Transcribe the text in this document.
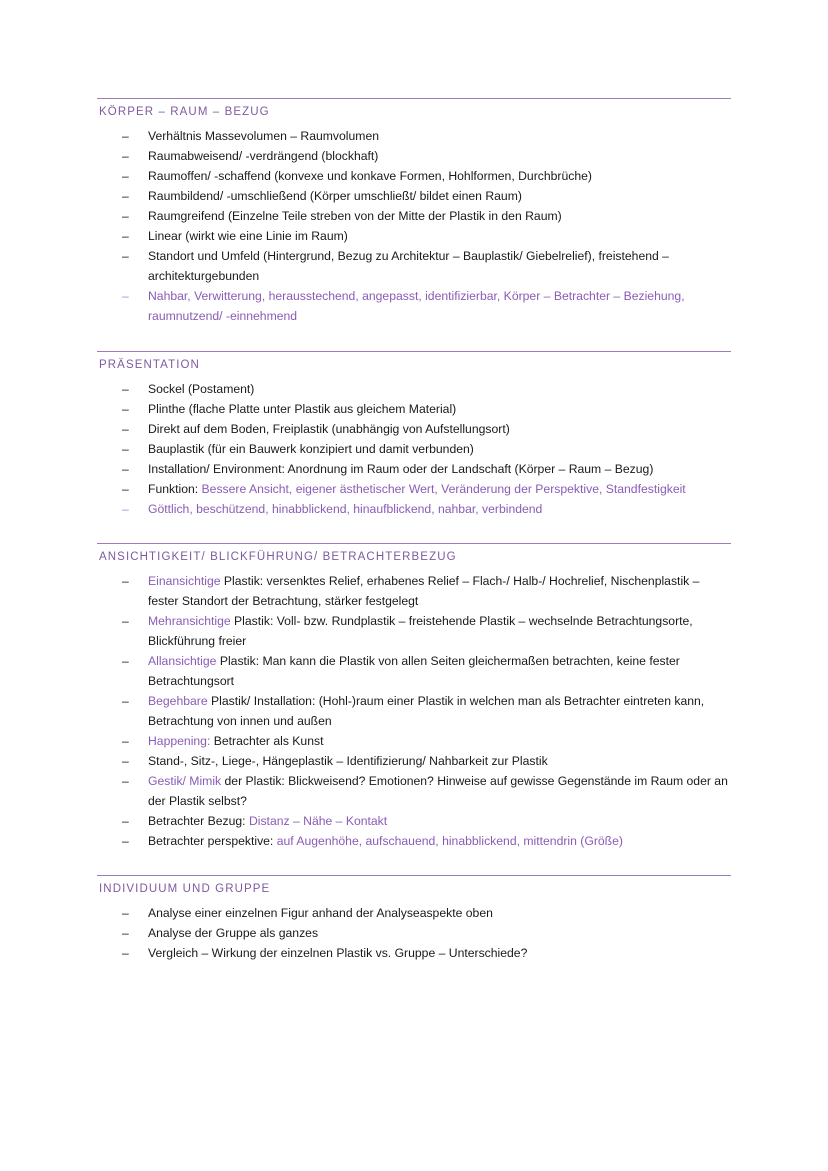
KÖRPER – RAUM – BEZUG
– Verhältnis Massevolumen – Raumvolumen
– Raumabweisend/ -verdrängend (blockhaft)
– Raumoffen/ -schaffend (konvexe und konkave Formen, Hohlformen, Durchbrüche)
– Raumbildend/ -umschließend (Körper umschließt/ bildet einen Raum)
– Raumgreifend (Einzelne Teile streben von der Mitte der Plastik in den Raum)
– Linear (wirkt wie eine Linie im Raum)
– Standort und Umfeld (Hintergrund, Bezug zu Architektur – Bauplastik/ Giebelrelief), freistehend – architekturgebunden
– Nahbar, Verwitterung, herausstechend, angepasst, identifizierbar, Körper – Betrachter – Beziehung, raumnutzend/ -einnehmend
PRÄSENTATION
– Sockel (Postament)
– Plinthe (flache Platte unter Plastik aus gleichem Material)
– Direkt auf dem Boden, Freiplastik (unabhängig von Aufstellungsort)
– Bauplastik (für ein Bauwerk konzipiert und damit verbunden)
– Installation/ Environment: Anordnung im Raum oder der Landschaft (Körper – Raum – Bezug)
– Funktion: Bessere Ansicht, eigener ästhetischer Wert, Veränderung der Perspektive, Standfestigkeit
– Göttlich, beschützend, hinabblickend, hinaufblickend, nahbar, verbindend
ANSICHTIGKEIT/ BLICKFÜHRUNG/ BETRACHTERBEZUG
– Einansichtige Plastik: versenktes Relief, erhabenes Relief – Flach-/ Halb-/ Hochrelief, Nischenplastik – fester Standort der Betrachtung, stärker festgelegt
– Mehransichtige Plastik: Voll- bzw. Rundplastik – freistehende Plastik – wechselnde Betrachtungsorte, Blickführung freier
– Allansichtige Plastik: Man kann die Plastik von allen Seiten gleichermaßen betrachten, keine fester Betrachtungsort
– Begehbare Plastik/ Installation: (Hohl-)raum einer Plastik in welchen man als Betrachter eintreten kann, Betrachtung von innen und außen
– Happening: Betrachter als Kunst
– Stand-, Sitz-, Liege-, Hängeplastik – Identifizierung/ Nahbarkeit zur Plastik
– Gestik/ Mimik der Plastik: Blickweisend? Emotionen? Hinweise auf gewisse Gegenstände im Raum oder an der Plastik selbst?
– Betrachter Bezug: Distanz – Nähe – Kontakt
– Betrachter perspektive: auf Augenhöhe, aufschauend, hinabblickend, mittendrin (Größe)
INDIVIDUUM UND GRUPPE
– Analyse einer einzelnen Figur anhand der Analyseaspekte oben
– Analyse der Gruppe als ganzes
– Vergleich – Wirkung der einzelnen Plastik vs. Gruppe – Unterschiede?
